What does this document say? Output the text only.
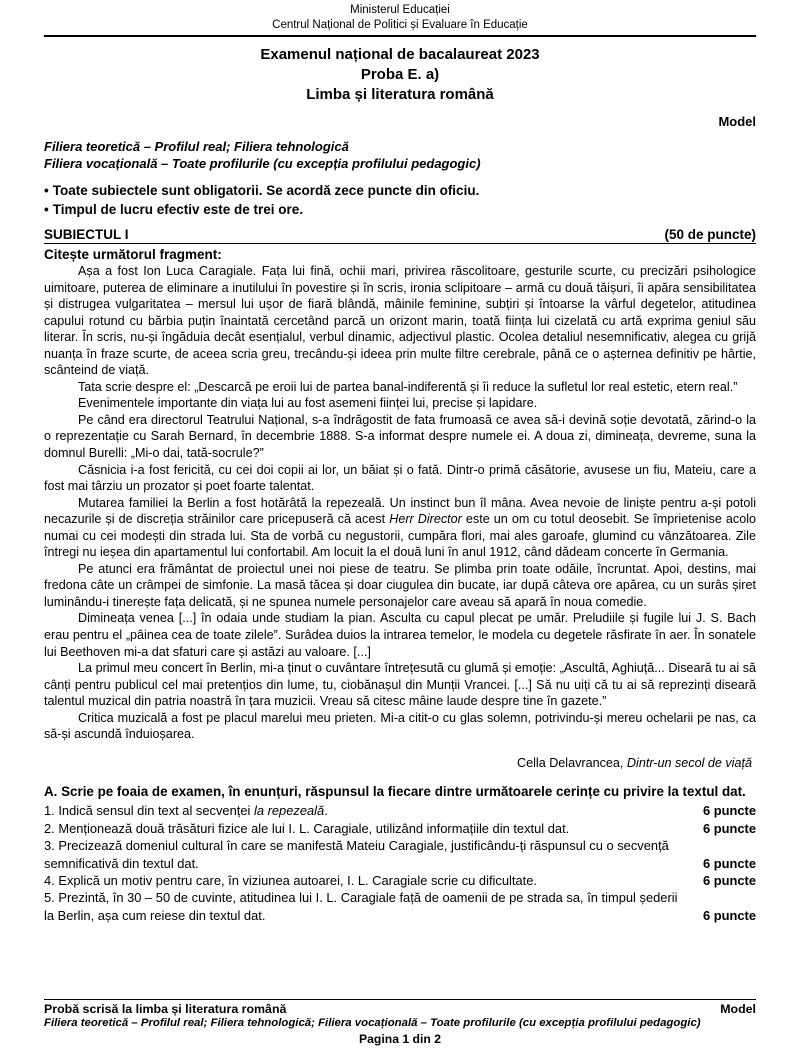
Ministerul Educației
Centrul Național de Politici și Evaluare în Educație
Examenul național de bacalaureat 2023
Proba E. a)
Limba și literatura română
Model
Filiera teoretică – Profilul real; Filiera tehnologică
Filiera vocațională – Toate profilurile (cu excepția profilului pedagogic)
• Toate subiectele sunt obligatorii. Se acordă zece puncte din oficiu.
• Timpul de lucru efectiv este de trei ore.
SUBIECTUL I	(50 de puncte)
Citește următorul fragment:

Așa a fost Ion Luca Caragiale. Fața lui fină, ochii mari, privirea răscolitoare, gesturile scurte, cu precizări psihologice uimitoare, puterea de eliminare a inutilului în povestire și în scris, ironia sclipitoare – armă cu două tăișuri, îi apăra sensibilitatea și distrugea vulgaritatea – mersul lui ușor de fiară blândă, mâinile feminine, subțiri și întoarse la vârful degetelor, atitudinea capului rotund cu bărbia puțin înaintată cercetând parcă un orizont marin, toată ființa lui cizelată cu artă exprima geniul său literar. În scris, nu-și îngăduia decât esențialul, verbul dinamic, adjectivul plastic. Ocolea detaliul nesemnificativ, alegea cu grijă nuanța în fraze scurte, de aceea scria greu, trecându-și ideea prin multe filtre cerebrale, până ce o așternea definitiv pe hârtie, scânteind de viață.

Tata scrie despre el: „Descarcă pe eroii lui de partea banal-indiferentă și îi reduce la sufletul lor real estetic, etern real.”

Evenimentele importante din viața lui au fost asemeni ființei lui, precise și lapidare.

Pe când era directorul Teatrului Național, s-a îndrăgostit de fata frumoasă ce avea să-i devină soție devotată, zărind-o la o reprezentație cu Sarah Bernard, în decembrie 1888. S-a informat despre numele ei. A doua zi, dimineața, devreme, suna la domnul Burelli: „Mi-o dai, tată-socrule?”

Căsnicia i-a fost fericită, cu cei doi copii ai lor, un băiat și o fată. Dintr-o primă căsătorie, avusese un fiu, Mateiu, care a fost mai târziu un prozator și poet foarte talentat.

Mutarea familiei la Berlin a fost hotărâtă la repezeală. Un instinct bun îl mâna. Avea nevoie de liniște pentru a-și potoli necazurile și de discreția străinilor care pricepuseră că acest Herr Director este un om cu totul deosebit. Se împrietenise acolo numai cu cei modești din strada lui. Sta de vorbă cu negustorii, cumpăra flori, mai ales garoafe, glumind cu vânzătoarea. Zile întregi nu ieșea din apartamentul lui confortabil. Am locuit la el două luni în anul 1912, când dădeam concerte în Germania.

Pe atunci era frământat de proiectul unei noi piese de teatru. Se plimba prin toate odăile, încruntat. Apoi, destins, mai fredona câte un crâmpei de simfonie. La masă tăcea și doar ciugulea din bucate, iar după câteva ore apărea, cu un surâs șiret luminându-i tinerește fața delicată, și ne spunea numele personajelor care aveau să apară în noua comedie.

Dimineața venea [...] în odaia unde studiam la pian. Asculta cu capul plecat pe umăr. Preludiile și fugile lui J. S. Bach erau pentru el „pâinea cea de toate zilele”. Surâdea duios la intrarea temelor, le modela cu degetele răsfirate în aer. În sonatele lui Beethoven mi-a dat sfaturi care și astăzi au valoare. [...]

La primul meu concert în Berlin, mi-a ținut o cuvântare întrețesută cu glumă și emoție: „Ascultă, Aghiuță... Diseară tu ai să cânți pentru publicul cel mai pretențios din lume, tu, ciobănașul din Munții Vrancei. [...] Să nu uiți că tu ai să reprezinți diseară talentul muzical din patria noastră în țara muzicii. Vreau să citesc mâine laude despre tine în gazete.”

Critica muzicală a fost pe placul marelui meu prieten. Mi-a citit-o cu glas solemn, potrivindu-și mereu ochelarii pe nas, ca să-și ascundă înduioșarea.

Cella Delavrancea, Dintr-un secol de viață
A. Scrie pe foaia de examen, în enunțuri, răspunsul la fiecare dintre următoarele cerințe cu privire la textul dat.
6 puncte
1. Indică sensul din text al secvenței la repezeală.
6 puncte
2. Menționează două trăsături fizice ale lui I. L. Caragiale, utilizând informațiile din textul dat.
3. Precizează domeniul cultural în care se manifestă Mateiu Caragiale, justificându-ți răspunsul cu o secvență
6 puncte
semnificativă din textul dat.
6 puncte
4. Explică un motiv pentru care, în viziunea autoarei, I. L. Caragiale scrie cu dificultate.
5. Prezintă, în 30 – 50 de cuvinte, atitudinea lui I. L. Caragiale față de oamenii de pe strada sa, în timpul șederii
6 puncte
la Berlin, așa cum reiese din textul dat.
Probă scrisă la limba și literatura română	Model
Filiera teoretică – Profilul real; Filiera tehnologică; Filiera vocațională – Toate profilurile (cu excepția profilului pedagogic)
Pagina 1 din 2
